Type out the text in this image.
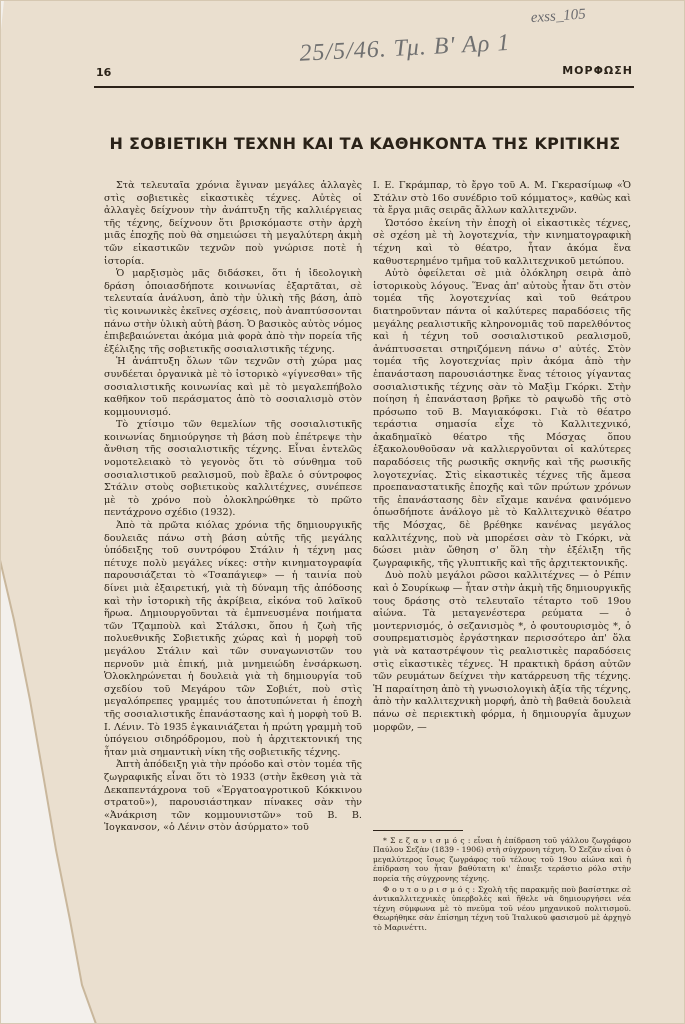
exss_105
25/5/46. Τμ. Β' Αρ 1
16	ΜΟΡΦΩΣΗ
Η ΣΟΒΙΕΤΙΚΗ ΤΕΧΝΗ ΚΑΙ ΤΑ ΚΑΘΗΚΟΝΤΑ ΤΗΣ ΚΡΙΤΙΚΗΣ

Στὰ τελευταῖα χρόνια ἔγιναν μεγάλες ἀλλαγὲς στὶς σοβιετικὲς εἰκαστικὲς τέχνες. Αὐτὲς οἱ ἀλλαγὲς δείχνουν τὴν ἀνάπτυξη τῆς καλλιέργειας τῆς τέχνης, δείχνουν ὅτι βρισκόμαστε στὴν ἀρχὴ μιᾶς ἐποχῆς ποὺ θὰ σημειώσει τὴ μεγαλύτερη ἀκμὴ τῶν εἰκαστικῶν τεχνῶν ποὺ γνώρισε ποτὲ ἡ ἱστορία.

Ὁ μαρξισμὸς μᾶς διδάσκει, ὅτι ἡ ἰδεολογικὴ δράση ὁποιασδήποτε κοινωνίας ἐξαρτᾶται, σὲ τελευταία ἀνάλυση, ἀπὸ τὴν ὑλικὴ τῆς βάση, ἀπὸ τὶς κοινωνικὲς ἐκεῖνες σχέσεις, ποὺ ἀναπτύσσονται πάνω στὴν ὑλικὴ αὐτὴ βάση. Ὁ βασικὸς αὐτὸς νόμος ἐπιβεβαιώνεται ἀκόμα μιὰ φορὰ ἀπὸ τὴν πορεία τῆς ἐξέλιξης τῆς σοβιετικῆς σοσιαλιστικῆς τέχνης.

Ἡ ἀνάπτυξη ὅλων τῶν τεχνῶν στὴ χώρα μας συνδέεται ὀργανικὰ μὲ τὸ ἱστορικὸ «γίγνεσθαι» τῆς σοσιαλιστικῆς κοινωνίας καὶ μὲ τὸ μεγαλεπήβολο καθῆκον τοῦ περάσματος ἀπὸ τὸ σοσιαλισμὸ στὸν κομμουνισμό.

Τὸ χτίσιμο τῶν θεμελίων τῆς σοσιαλιστικῆς κοινωνίας δημιούργησε τὴ βάση ποὺ ἐπέτρεψε τὴν ἄνθιση τῆς σοσιαλιστικῆς τέχνης. Εἶναι ἐντελῶς νομοτελειακὸ τὸ γεγονὸς ὅτι τὸ σύνθημα τοῦ σοσιαλιστικοῦ ρεαλισμοῦ, ποὺ ἔβαλε ὁ σύντροφος Στάλιν στοὺς σοβιετικοὺς καλλιτέχνες, συνέπεσε μὲ τὸ χρόνο ποὺ ὁλοκληρώθηκε τὸ πρῶτο πεντάχρονο σχέδιο (1932).

Ἀπὸ τὰ πρῶτα κιόλας χρόνια τῆς δημιουργικῆς δουλειᾶς πάνω στὴ βάση αὐτῆς τῆς μεγάλης ὑπόδειξης τοῦ συντρόφου Στάλιν ἡ τέχνη μας πέτυχε πολὺ μεγάλες νίκες: στὴν κινηματογραφία παρουσιάζεται τὸ «Τσαπάγιεφ» — ἡ ταινία ποὺ δίνει μιὰ ἐξαιρετική, γιὰ τὴ δύναμη τῆς ἀπόδοσης καὶ τὴν ἱστορικὴ τῆς ἀκρίβεια, εἰκόνα τοῦ λαϊκοῦ ἥρωα. Δημιουργοῦνται τὰ ἐμπνευσμένα ποιήματα τῶν Τζαμποὺλ καὶ Στάλσκι, ὅπου ἡ ζωὴ τῆς πολυεθνικῆς Σοβιετικῆς χώρας καὶ ἡ μορφὴ τοῦ μεγάλου Στάλιν καὶ τῶν συναγωνιστῶν του περνοῦν μιὰ ἐπική, μιὰ μνημειώδη ἐνσάρκωση. Ὁλοκληρώνεται ἡ δουλειὰ γιὰ τὴ δημιουργία τοῦ σχεδίου τοῦ Μεγάρου τῶν Σοβιέτ, ποὺ στὶς μεγαλόπρεπες γραμμές του ἀποτυπώνεται ἡ ἐποχὴ τῆς σοσιαλιστικῆς ἐπανάστασης καὶ ἡ μορφὴ τοῦ Β. Ι. Λένιν. Τὸ 1935 ἐγκαινιάζεται ἡ πρώτη γραμμὴ τοῦ ὑπόγειου σιδηρόδρομου, ποὺ ἡ ἀρχιτεκτονική της ἦταν μιὰ σημαντικὴ νίκη τῆς σοβιετικῆς τέχνης.

Ἀπτὴ ἀπόδειξη γιὰ τὴν πρόοδο καὶ στὸν τομέα τῆς ζωγραφικῆς εἶναι ὅτι τὸ 1933 (στὴν ἔκθεση γιὰ τὰ Δεκαπεντάχρονα τοῦ «Ἐργατοαγροτικοῦ Κόκκινου στρατοῦ»), παρουσιάστηκαν πίνακες σὰν τὴν «Ἀνάκριση τῶν κομμουνιστῶν» τοῦ Β. Β. Ἰογκανσον, «ὁ Λένιν στὸν ἀσύρματο» τοῦ

Ι. Ε. Γκράμπαρ, τὸ ἔργο τοῦ Α. Μ. Γκερασίμωφ «Ὁ Στάλιν στὸ 16ο συνέδριο τοῦ κόμματος», καθὼς καὶ τὰ ἔργα μιᾶς σειρᾶς ἄλλων καλλιτεχνῶν.

Ὡστόσο ἐκείνη τὴν ἐποχὴ οἱ εἰκαστικὲς τέχνες, σὲ σχέση μὲ τὴ λογοτεχνία, τὴν κινηματογραφικὴ τέχνη καὶ τὸ θέατρο, ἦταν ἀκόμα ἕνα καθυστερημένο τμῆμα τοῦ καλλιτεχνικοῦ μετώπου.

Αὐτὸ ὀφείλεται σὲ μιὰ ὁλόκληρη σειρὰ ἀπὸ ἱστορικοὺς λόγους. Ἕνας ἀπ' αὐτοὺς ἦταν ὅτι στὸν τομέα τῆς λογοτεχνίας καὶ τοῦ θεάτρου διατηροῦνταν πάντα οἱ καλύτερες παραδόσεις τῆς μεγάλης ρεαλιστικῆς κληρονομιᾶς τοῦ παρελθόντος καὶ ἡ τέχνη τοῦ σοσιαλιστικοῦ ρεαλισμοῦ, ἀνάπτυσσεται στηριζόμενη πάνω σ' αὐτές. Στὸν τομέα τῆς λογοτεχνίας πρὶν ἀκόμα ἀπὸ τὴν ἐπανάσταση παρουσιάστηκε ἕνας τέτοιος γίγαντας σοσιαλιστικῆς τέχνης σὰν τὸ Μαξὶμ Γκόρκι. Στὴν ποίηση ἡ ἐπανάσταση βρῆκε τὸ ραψωδὸ τῆς στὸ πρόσωπο τοῦ Β. Μαγιακόφσκι. Γιὰ τὸ θέατρο τεράστια σημασία εἶχε τὸ Καλλιτεχνικό, ἀκαδημαϊκὸ θέατρο τῆς Μόσχας ὅπου ἐξακολουθοῦσαν νὰ καλλιεργοῦνται οἱ καλύτερες παραδόσεις τῆς ρωσικῆς σκηνῆς καὶ τῆς ρωσικῆς λογοτεχνίας. Στὶς εἰκαστικὲς τέχνες τῆς ἄμεσα προεπαναστατικῆς ἐποχῆς καὶ τῶν πρώτων χρόνων τῆς ἐπανάστασης δὲν εἴχαμε κανένα φαινόμενο ὁπωσδήποτε ἀνάλογο μὲ τὸ Καλλιτεχνικὸ θέατρο τῆς Μόσχας, δὲ βρέθηκε κανένας μεγάλος καλλιτέχνης, ποὺ νὰ μπορέσει σὰν τὸ Γκόρκι, νὰ δώσει μιὰν ὤθηση σ' ὅλη τὴν ἐξέλιξη τῆς ζωγραφικῆς, τῆς γλυπτικῆς καὶ τῆς ἀρχιτεκτονικῆς.

Δυὸ πολὺ μεγάλοι ρῶσοι καλλιτέχνες — ὁ Ρέπιν καὶ ὁ Σουρίκωφ — ἦταν στὴν ἀκμὴ τῆς δημιουργικῆς τους δράσης στὸ τελευταῖο τέταρτο τοῦ 19ου αἰώνα. Τὰ μεταγενέστερα ρεύματα — ὁ μοντερνισμός, ὁ σεζανισμὸς *, ὁ φουτουρισμὸς *, ὁ σουπρεματισμὸς ἐργάστηκαν περισσότερο ἀπ' ὅλα γιὰ νὰ καταστρέψουν τὶς ρεαλιστικὲς παραδόσεις στὶς εἰκαστικὲς τέχνες. Ἡ πρακτικὴ δράση αὐτῶν τῶν ρευμάτων δείχνει τὴν κατάρρευση τῆς τέχνης. Ἡ παραίτηση ἀπὸ τὴ γνωσιολογικὴ ἀξία τῆς τέχνης, ἀπὸ τὴν καλλιτεχνικὴ μορφή, ἀπὸ τὴ βαθειὰ δουλειὰ πάνω σὲ περιεκτικὴ φόρμα, ἡ δημιουργία ἄμυχων μορφῶν, —

* Σ ε ζ α ν ι σ μ ό ς : εἶναι ἡ ἐπίδραση τοῦ γάλλου ζωγράφου Παύλου Σεζὰν (1839 - 1906) στὴ σύγχρονη τέχνη. Ὁ Σεζὰν εἶναι ὁ μεγαλύτερος ἴσως ζωγράφος τοῦ τέλους τοῦ 19ου αἰώνα καὶ ἡ ἐπίδραση του ἦταν βαθύτατη κι' ἐπαιξε τεράστιο ρόλο στὴν πορεία τῆς σύγχρονης τέχνης.

Φ ο υ τ ο υ ρ ι σ μ ό ς : Σχολὴ τῆς παρακμῆς ποὺ βασίστηκε σὲ ἀντικαλλιτεχνικὲς ὑπερβολὲς καὶ ἤθελε νὰ δημιουργήσει νέα τέχνη σύμφωνα μὲ τὸ πνεῦμα τοῦ νέου μηχανικοῦ πολιτισμοῦ. Θεωρήθηκε σὰν ἐπίσημη τέχνη τοῦ Ἰταλικοῦ φασισμοῦ μὲ ἀρχηγὸ τὸ Μαρινέττι.
